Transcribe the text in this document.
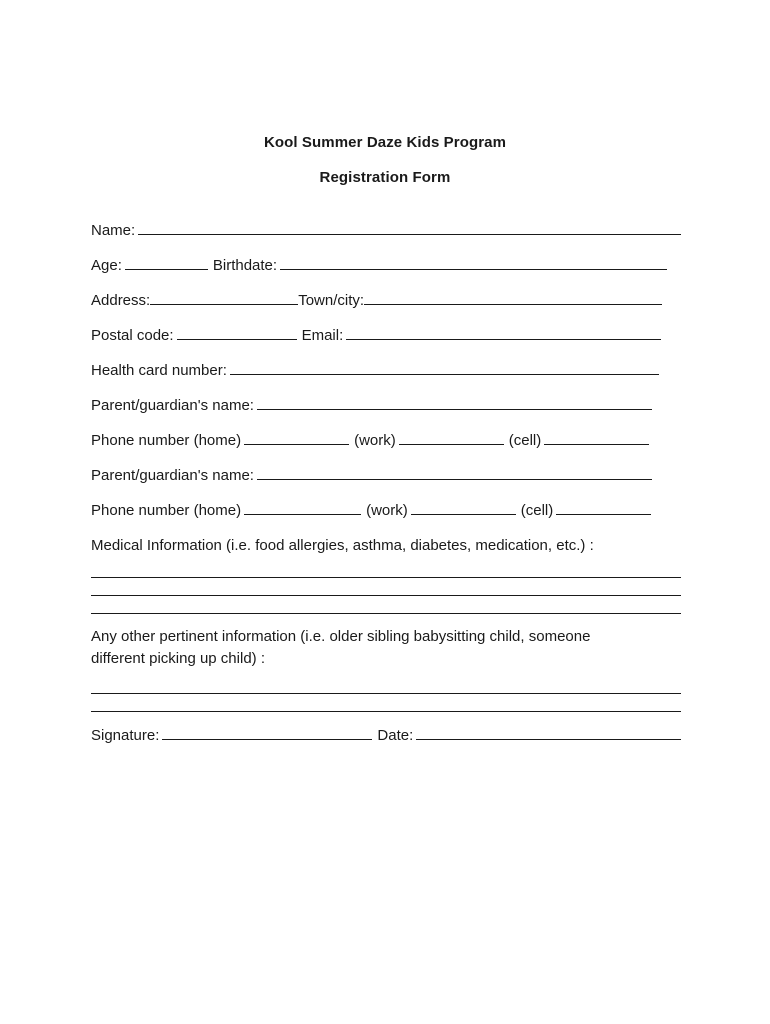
Kool Summer Daze Kids Program
Registration Form
Name:
Age:	Birthdate:
Address:	Town/city:
Postal code:	Email:
Health card number:
Parent/guardian's name:
Phone number (home)	(work)	(cell)
Parent/guardian's name:
Phone number (home)	(work)	(cell)
Medical Information (i.e. food allergies, asthma, diabetes, medication, etc.) :
Any other pertinent information (i.e. older sibling babysitting child, someone
different picking up child) :
Signature:	Date:
